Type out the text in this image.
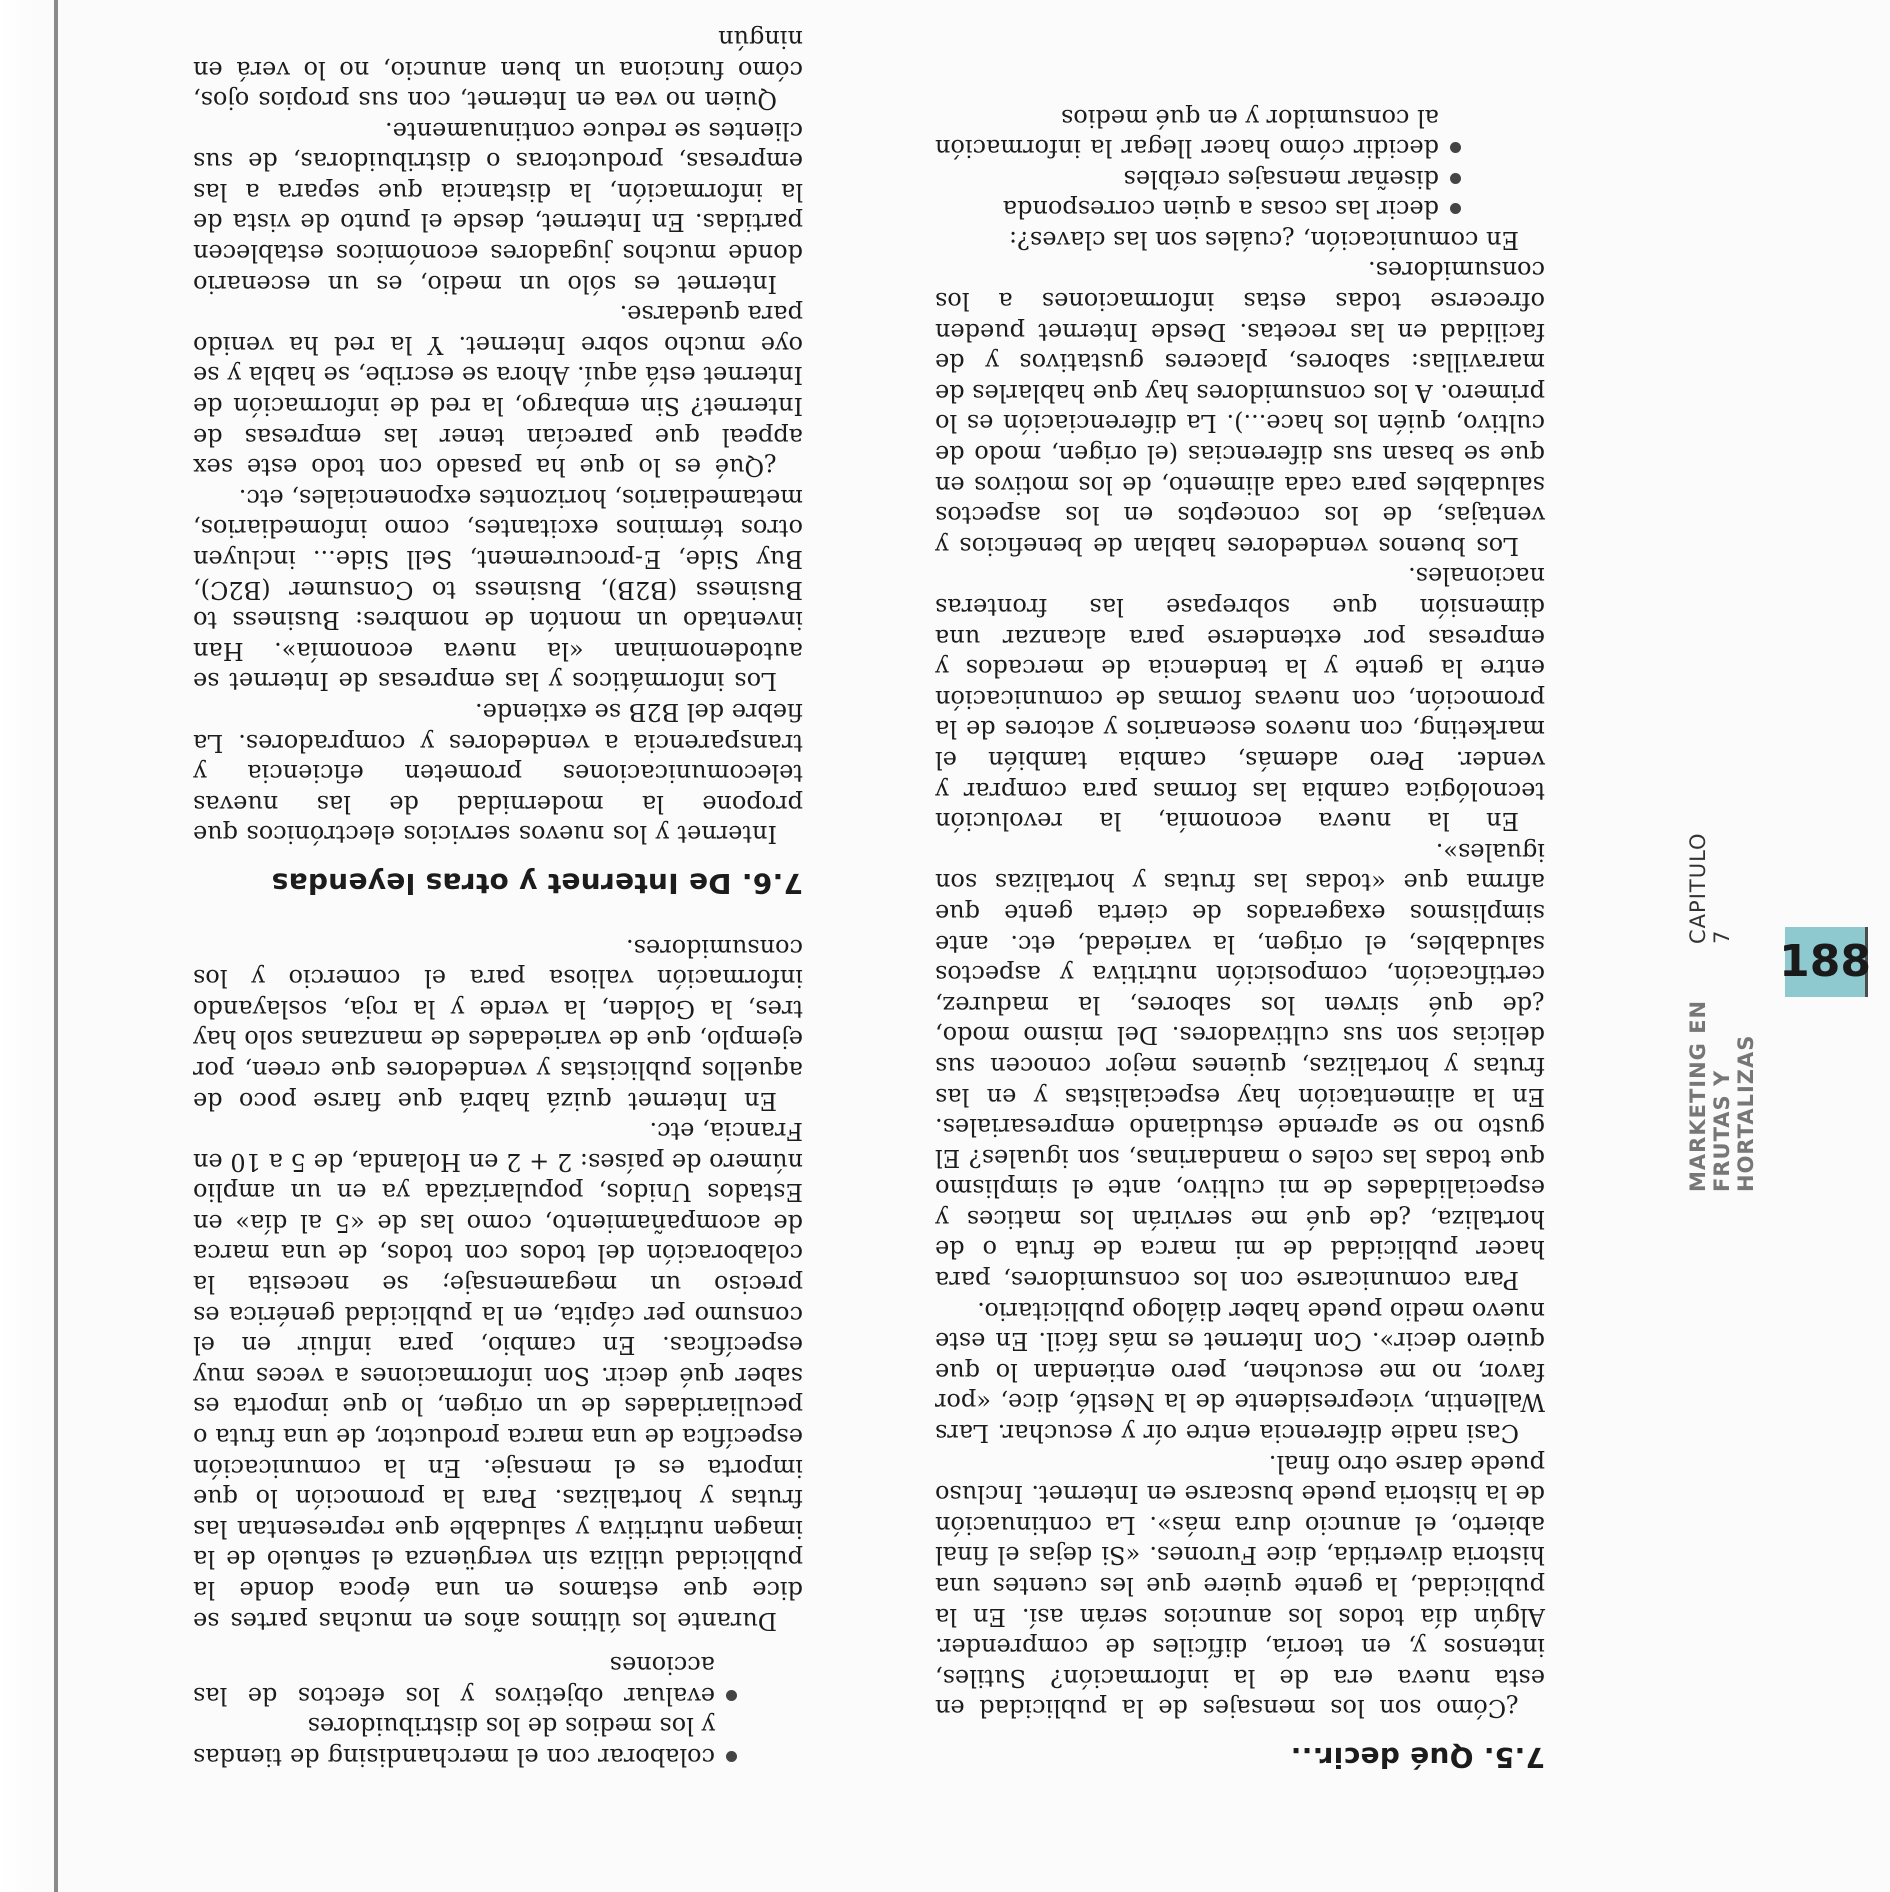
188
MARKETING EN FRUTAS Y HORTALIZAS
CAPITULO 7
7.5. Qué decir...

¿Cómo son los mensajes de la publicidad en esta nueva era de la información? Sutiles, intensos y, en teoría, difíciles de comprender. Algún día todos los anuncios serán así. En la publicidad, la gente quiere que les cuentes una historia divertida, dice Furones. «Si dejas el final abierto, el anuncio dura más». La continuación de la historia puede buscarse en Internet. Incluso puede darse otro final.

Casi nadie diferencia entre oír y escuchar. Lars Wallentin, vicepresidente de la Nestlé, dice, «por favor, no me escuchen, pero entiendan lo que quiero decir». Con Internet es más fácil. En este nuevo medio puede haber diálogo publicitario.

Para comunicarse con los consumidores, para hacer publicidad de mi marca de fruta o de hortaliza, ¿de qué me servirán los matices y especialidades de mi cultivo, ante el simplismo que todas las coles o mandarinas, son iguales? El gusto no se aprende estudiando empresariales. En la alimentación hay especialistas y en las frutas y hortalizas, quienes mejor conocen sus delicias son sus cultivadores. Del mismo modo, ¿de qué sirven los sabores, la madurez, certificación, composición nutritiva y aspectos saludables, el origen, la variedad, etc. ante simplismos exagerados de cierta gente que afirma que «todas las frutas y hortalizas son iguales».

En la nueva economía, la revolución tecnológica cambia las formas para comprar y vender. Pero además, cambia también el marketing, con nuevos escenarios y actores de la promoción, con nuevas formas de comunicación entre la gente y la tendencia de mercados y empresas por extenderse para alcanzar una dimensión que sobrepase las fronteras nacionales.

Los buenos vendedores hablan de beneficios y ventajas, de los conceptos en los aspectos saludables para cada alimento, de los motivos en que se basan sus diferencias (el origen, modo de cultivo, quién los hace...). La diferenciación es lo primero. A los consumidores hay que hablarles de maravillas: sabores, placeres gustativos y de facilidad en las recetas. Desde Internet pueden ofrecerse todas estas informaciones a los consumidores.

En comunicación, ¿cuáles son las claves?:

decir las cosas a quien corresponda
diseñar mensajes creíbles
decidir cómo hacer llegar la información al consumidor y en qué medios
colaborar con el merchandising de tiendas y los medios de los distribuidores
evaluar objetivos y los efectos de las acciones

Durante los últimos años en muchas partes se dice que estamos en una época donde la publicidad utiliza sin vergüenza el señuelo de la imagen nutritiva y saludable que representan las frutas y hortalizas. Para la promoción lo que importa es el mensaje. En la comunicación específica de una marca productor, de una fruta o peculiaridades de un origen, lo que importa es saber qué decir. Son informaciones a veces muy específicas. En cambio, para influir en el consumo per cápita, en la publicidad genérica es preciso un megamensaje; se necesita la colaboración del todos con todos, de una marca de acompañamiento, como las de «5 al día» en Estados Unidos, popularizada ya en un amplio número de países: 2 + 2 en Holanda, de 5 a 10 en Francia, etc.

En Internet quizá habrá que fiarse poco de aquellos publicistas y vendedores que creen, por ejemplo, que de variedades de manzanas solo hay tres, la Golden, la verde y la roja, soslayando información valiosa para el comercio y los consumidores.

7.6. De Internet y otras leyendas

Internet y los nuevos servicios electrónicos que propone la modernidad de las nuevas telecomunicaciones prometen eficiencia y transparencia a vendedores y compradores. La fiebre del B2B se extiende.

Los informáticos y las empresas de Internet se autodenominan «la nueva economía». Han inventado un montón de nombres: Business to Business (B2B), Business to Consumer (B2C), Buy Side, E-procurement, Sell Side... incluyen otros términos excitantes, como infomediarios, metamediarios, horizontes exponenciales, etc.

¿Qué es lo que ha pasado con todo este sex appeal que parecían tener las empresas de Internet? Sin embargo, la red de información de Internet está aquí. Ahora se escribe, se habla y se oye mucho sobre Internet. Y la red ha venido para quedarse.

Internet es sólo un medio, es un escenario donde muchos jugadores económicos establecen partidas. En Internet, desde el punto de vista de la información, la distancia que separa a las empresas, productoras o distribuidoras, de sus clientes se reduce continuamente.

Quien no vea en Internet, con sus propios ojos, cómo funciona un buen anuncio, no lo verá en ningún
